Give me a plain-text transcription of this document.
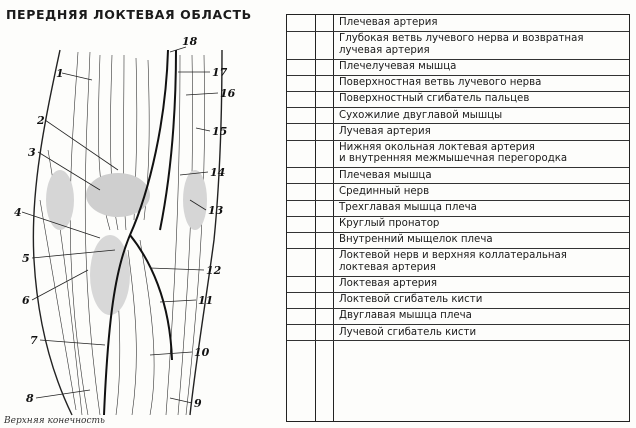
ПЕРЕДНЯЯ ЛОКТЕВАЯ ОБЛАСТЬ
1
2
3
4
5
6
7
8	9
10
11
12
13
14
15
16
17
18
Верхняя конечность
Плечевая артерия
Глубокая ветвь лучевого нерва и возвратная
лучевая артерия
Плечелучевая мышца
Поверхностная ветвь лучевого нерва
Поверхностный сгибатель пальцев
Сухожилие двуглавой мышцы
Лучевая артерия
Нижняя окольная локтевая артерия
и внутренняя межмышечная перегородка
Плечевая мышца
Срединный нерв
Трехглавая мышца плеча
Круглый пронатор
Внутренний мыщелок плеча
Локтевой нерв и верхняя коллатеральная
локтевая артерия
Локтевая артерия
Локтевой сгибатель кисти
Двуглавая мышца плеча
Лучевой сгибатель кисти
